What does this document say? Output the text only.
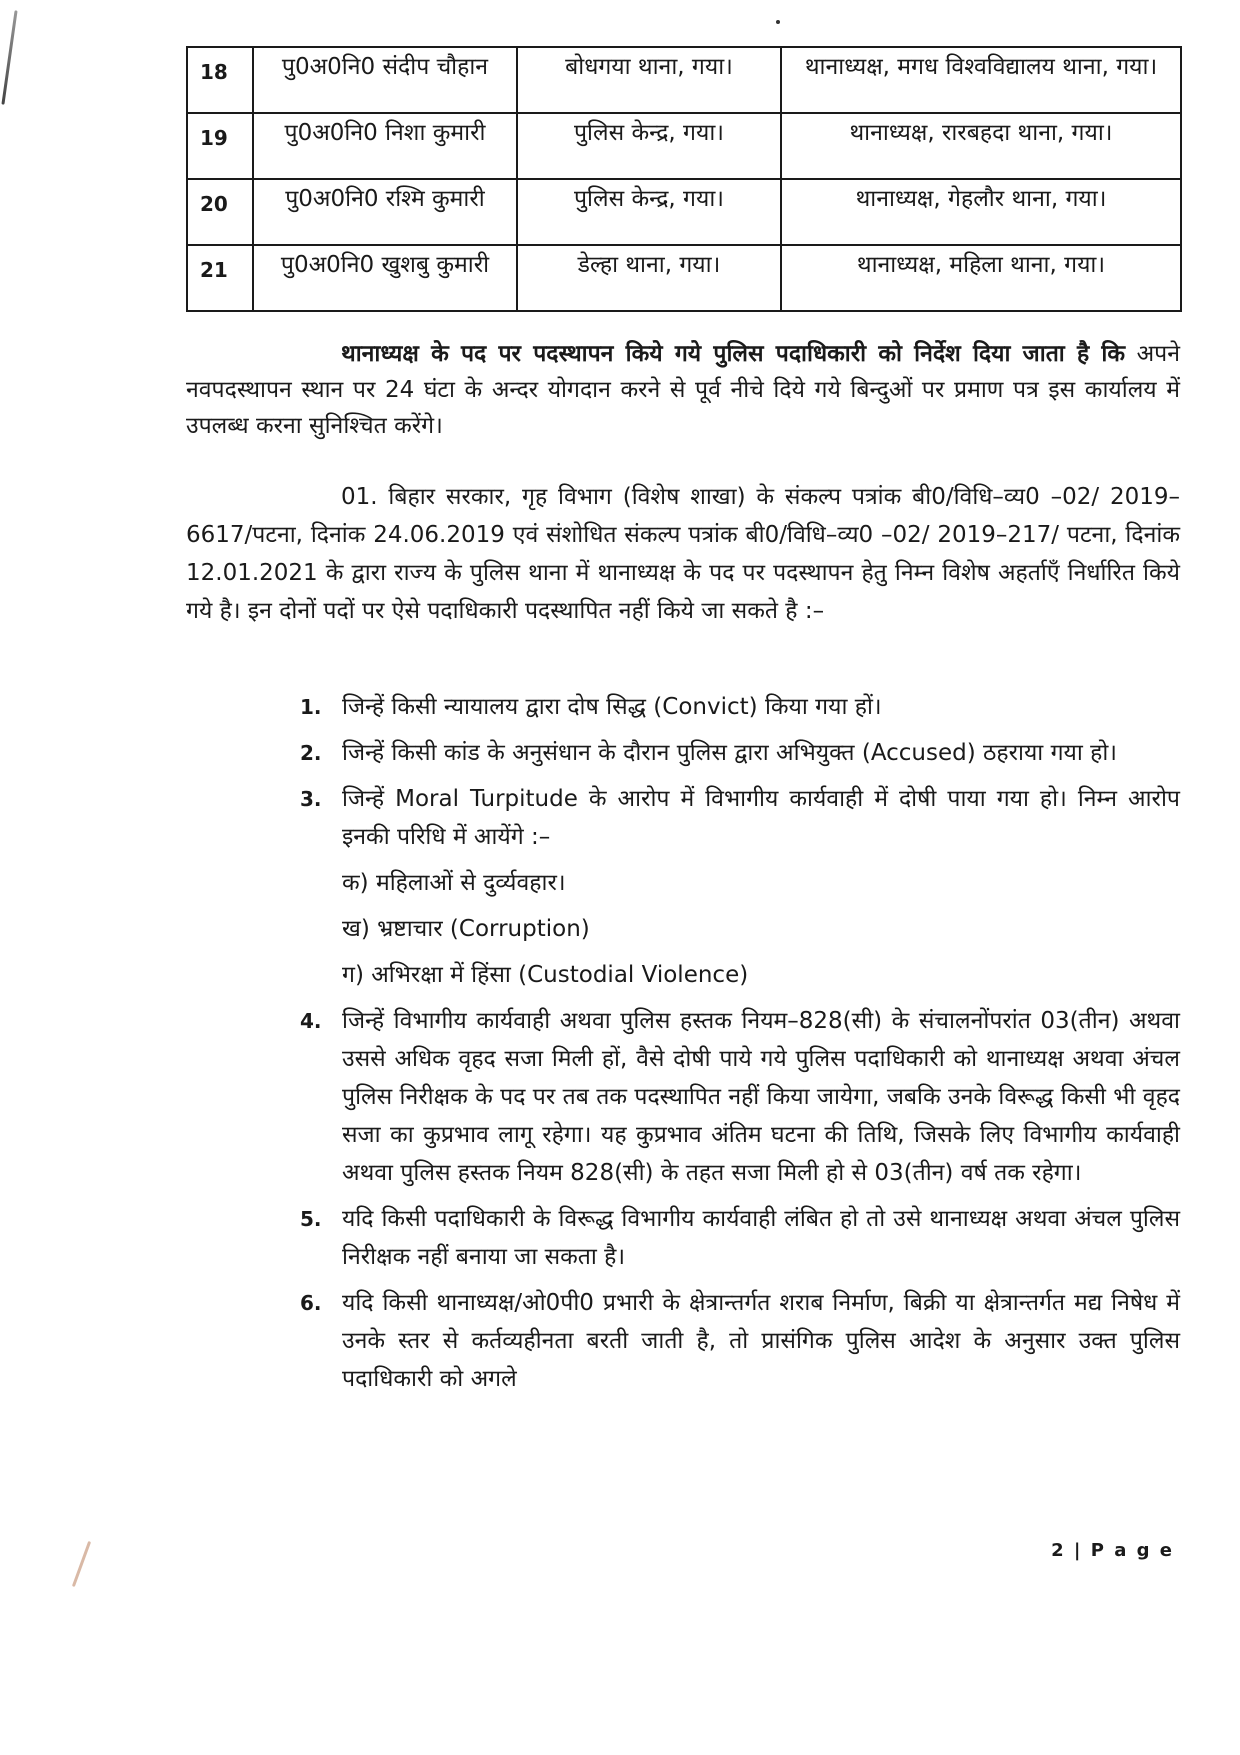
18	पु0अ0नि0 संदीप चौहान	बोधगया थाना, गया।	थानाध्यक्ष, मगध विश्वविद्यालय थाना, गया।
19	पु0अ0नि0 निशा कुमारी	पुलिस केन्द्र, गया।	थानाध्यक्ष, रारबहदा थाना, गया।
20	पु0अ0नि0 रश्मि कुमारी	पुलिस केन्द्र, गया।	थानाध्यक्ष, गेहलौर थाना, गया।
21	पु0अ0नि0 खुशबु कुमारी	डेल्हा थाना, गया।	थानाध्यक्ष, महिला थाना, गया।
थानाध्यक्ष के पद पर पदस्थापन किये गये पुलिस पदाधिकारी को निर्देश दिया जाता है कि अपने नवपदस्थापन स्थान पर 24 घंटा के अन्दर योगदान करने से पूर्व नीचे दिये गये बिन्दुओं पर प्रमाण पत्र इस कार्यालय में उपलब्ध करना सुनिश्चित करेंगे।
01. बिहार सरकार, गृह विभाग (विशेष शाखा) के संकल्प पत्रांक बी0/विधि–व्य0 –02/ 2019–6617/पटना, दिनांक 24.06.2019 एवं संशोधित संकल्प पत्रांक बी0/विधि–व्य0 –02/ 2019–217/ पटना, दिनांक 12.01.2021 के द्वारा राज्य के पुलिस थाना में थानाध्यक्ष के पद पर पदस्थापन हेतु निम्न विशेष अहर्ताएँ निर्धारित किये गये है। इन दोनों पदों पर ऐसे पदाधिकारी पदस्थापित नहीं किये जा सकते है :–
1. जिन्हें किसी न्यायालय द्वारा दोष सिद्ध (Convict) किया गया हों।
2. जिन्हें किसी कांड के अनुसंधान के दौरान पुलिस द्वारा अभियुक्त (Accused) ठहराया गया हो।
3. जिन्हें Moral Turpitude के आरोप में विभागीय कार्यवाही में दोषी पाया गया हो। निम्न आरोप इनकी परिधि में आयेंगे :–
क) महिलाओं से दुर्व्यवहार।
ख) भ्रष्टाचार (Corruption)
ग) अभिरक्षा में हिंसा (Custodial Violence)
4. जिन्हें विभागीय कार्यवाही अथवा पुलिस हस्तक नियम–828(सी) के संचालनोंपरांत 03(तीन) अथवा उससे अधिक वृहद सजा मिली हों, वैसे दोषी पाये गये पुलिस पदाधिकारी को थानाध्यक्ष अथवा अंचल पुलिस निरीक्षक के पद पर तब तक पदस्थापित नहीं किया जायेगा, जबकि उनके विरूद्ध किसी भी वृहद सजा का कुप्रभाव लागू रहेगा। यह कुप्रभाव अंतिम घटना की तिथि, जिसके लिए विभागीय कार्यवाही अथवा पुलिस हस्तक नियम 828(सी) के तहत सजा मिली हो से 03(तीन) वर्ष तक रहेगा।
5. यदि किसी पदाधिकारी के विरूद्ध विभागीय कार्यवाही लंबित हो तो उसे थानाध्यक्ष अथवा अंचल पुलिस निरीक्षक नहीं बनाया जा सकता है।
6. यदि किसी थानाध्यक्ष/ओ0पी0 प्रभारी के क्षेत्रान्तर्गत शराब निर्माण, बिक्री या क्षेत्रान्तर्गत मद्य निषेध में उनके स्तर से कर्तव्यहीनता बरती जाती है, तो प्रासंगिक पुलिस आदेश के अनुसार उक्त पुलिस पदाधिकारी को अगले
2 | P a g e
